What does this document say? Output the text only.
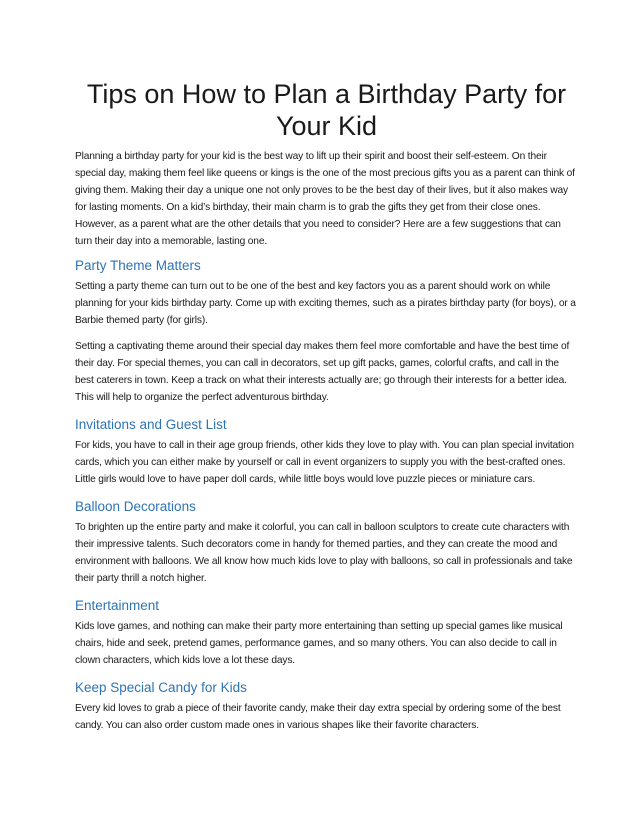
Tips on How to Plan a Birthday Party for Your Kid

Planning a birthday party for your kid is the best way to lift up their spirit and boost their self-esteem. On their special day, making them feel like queens or kings is the one of the most precious gifts you as a parent can think of giving them. Making their day a unique one not only proves to be the best day of their lives, but it also makes way for lasting moments. On a kid’s birthday, their main charm is to grab the gifts they get from their close ones. However, as a parent what are the other details that you need to consider? Here are a few suggestions that can turn their day into a memorable, lasting one.

Party Theme Matters

Setting a party theme can turn out to be one of the best and key factors you as a parent should work on while planning for your kids birthday party. Come up with exciting themes, such as a pirates birthday party (for boys), or a Barbie themed party (for girls).

Setting a captivating theme around their special day makes them feel more comfortable and have the best time of their day. For special themes, you can call in decorators, set up gift packs, games, colorful crafts, and call in the best caterers in town. Keep a track on what their interests actually are; go through their interests for a better idea. This will help to organize the perfect adventurous birthday.

Invitations and Guest List

For kids, you have to call in their age group friends, other kids they love to play with. You can plan special invitation cards, which you can either make by yourself or call in event organizers to supply you with the best-crafted ones. Little girls would love to have paper doll cards, while little boys would love puzzle pieces or miniature cars.

Balloon Decorations

To brighten up the entire party and make it colorful, you can call in balloon sculptors to create cute characters with their impressive talents. Such decorators come in handy for themed parties, and they can create the mood and environment with balloons. We all know how much kids love to play with balloons, so call in professionals and take their party thrill a notch higher.

Entertainment

Kids love games, and nothing can make their party more entertaining than setting up special games like musical chairs, hide and seek, pretend games, performance games, and so many others. You can also decide to call in clown characters, which kids love a lot these days.

Keep Special Candy for Kids

Every kid loves to grab a piece of their favorite candy, make their day extra special by ordering some of the best candy. You can also order custom made ones in various shapes like their favorite characters.
